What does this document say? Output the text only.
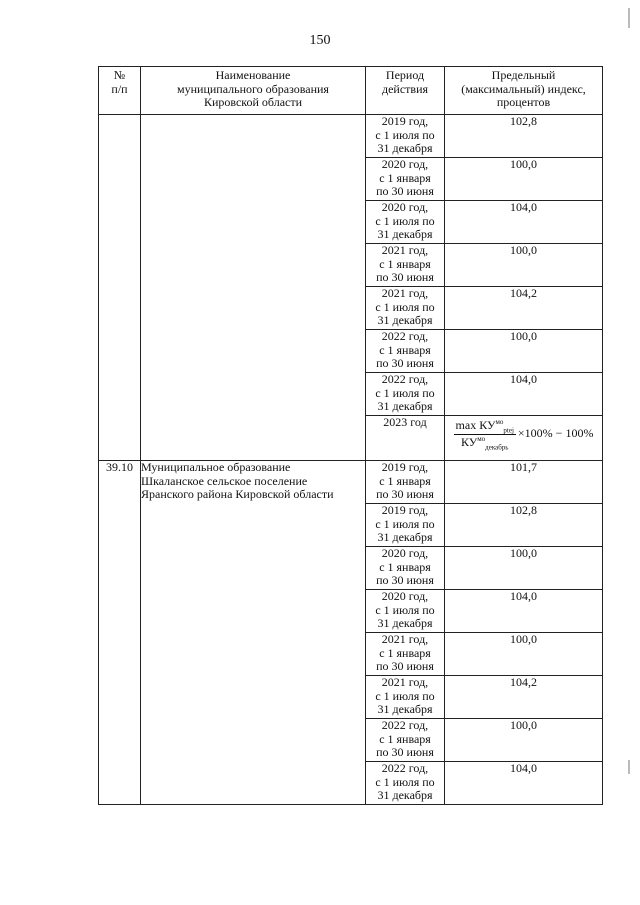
150
№
п/п	Наименование
муниципального образования
Кировской области	Период
действия	Предельный
(максимальный) индекс,
процентов

		2019 год,
с 1 июля по
31 декабря	102,8
		2020 год,
с 1 января
по 30 июня	100,0
		2020 год,
с 1 июля по
31 декабря	104,0
		2021 год,
с 1 января
по 30 июня	100,0
		2021 год,
с 1 июля по
31 декабря	104,2
		2022 год,
с 1 января
по 30 июня	100,0
		2022 год,
с 1 июля по
31 декабря	104,0
		2023 год	$\frac{\max КУ^{мо}_{ptej}}{КУ^{мо}_{декабрь}} \times 100\% - 100\%$

39.10	Муниципальное образование
Шкаланское сельское поселение
Яранского района Кировской области	2019 год,
с 1 января
по 30 июня	101,7
		2019 год,
с 1 июля по
31 декабря	102,8
		2020 год,
с 1 января
по 30 июня	100,0
		2020 год,
с 1 июля по
31 декабря	104,0
		2021 год,
с 1 января
по 30 июня	100,0
		2021 год,
с 1 июля по
31 декабря	104,2
		2022 год,
с 1 января
по 30 июня	100,0
		2022 год,
с 1 июля по
31 декабря	104,0
